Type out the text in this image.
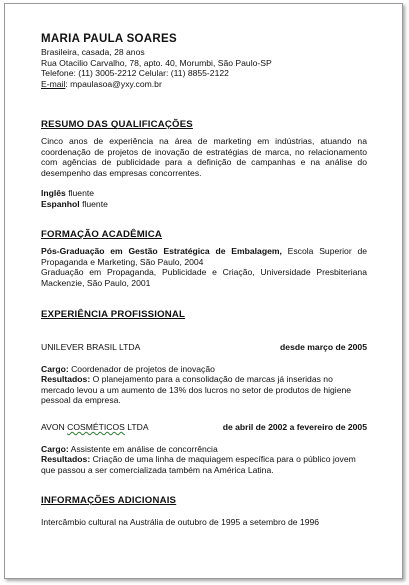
MARIA PAULA SOARES
Brasileira, casada, 28 anos
Rua Otacilio Carvalho, 78, apto. 40, Morumbi, São Paulo-SP
Telefone: (11) 3005-2212 Celular: (11) 8855-2122
E-mail: mpaulasoa@yxy.com.br
RESUMO DAS QUALIFICAÇÕES

Cinco anos de experiência na área de marketing em indústrias, atuando na coordenação de projetos de inovação de estratégias de marca, no relacionamento com agências de publicidade para a definição de campanhas e na análise do desempenho das empresas concorrentes.

Inglês fluente
Espanhol fluente
FORMAÇÃO ACADÊMICA

Pós-Graduação em Gestão Estratégica de Embalagem, Escola Superior de Propaganda e Marketing, São Paulo, 2004

Graduação em Propaganda, Publicidade e Criação, Universidade Presbiteriana Mackenzie, São Paulo, 2001

EXPERIÊNCIA PROFISSIONAL
UNILEVER BRASIL LTDA	desde março de 2005
Cargo: Coordenador de projetos de inovação

Resultados: O planejamento para a consolidação de marcas já inseridas no mercado levou a um aumento de 13% dos lucros no setor de produtos de higiene pessoal da empresa.

AVON COSMÉTICOS LTDA	de abril de 2002 a fevereiro de 2005
Cargo: Assistente em análise de concorrência

Resultados: Criação de uma linha de maquiagem específica para o público jovem que passou a ser comercializada também na América Latina.

INFORMAÇÕES ADICIONAIS
Intercâmbio cultural na Austrália de outubro de 1995 a setembro de 1996
